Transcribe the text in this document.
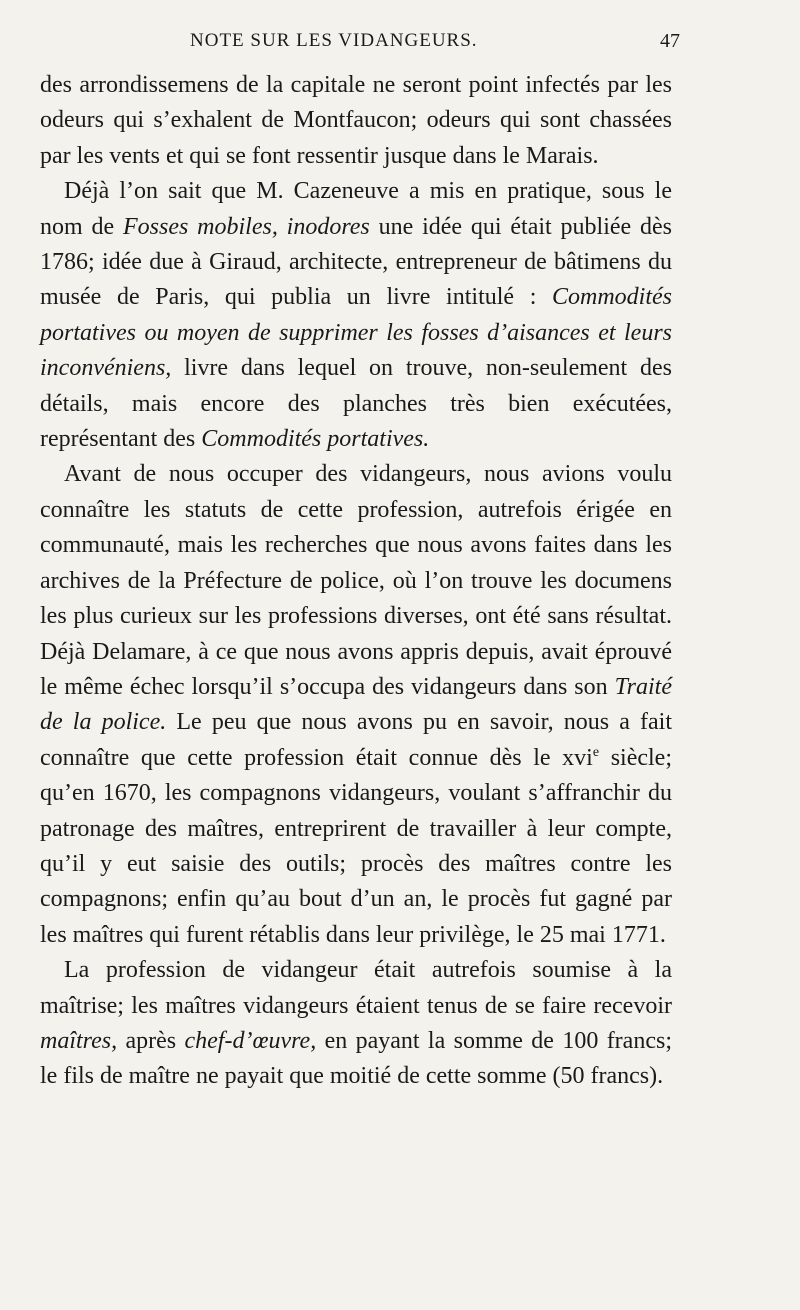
NOTE SUR LES VIDANGEURS.	47

des arrondissemens de la capitale ne seront point infectés par les odeurs qui s’exhalent de Montfaucon; odeurs qui sont chassées par les vents et qui se font ressentir jusque dans le Marais.

Déjà l’on sait que M. Cazeneuve a mis en pratique, sous le nom de Fosses mobiles, inodores une idée qui était publiée dès 1786; idée due à Giraud, architecte, entrepreneur de bâtimens du musée de Paris, qui publia un livre intitulé : Commodités portatives ou moyen de supprimer les fosses d’aisances et leurs inconvéniens, livre dans lequel on trouve, non-seulement des détails, mais encore des planches très bien exécutées, représentant des Commodités portatives.

Avant de nous occuper des vidangeurs, nous avions voulu connaître les statuts de cette profession, autrefois érigée en communauté, mais les recherches que nous avons faites dans les archives de la Préfecture de police, où l’on trouve les documens les plus curieux sur les professions diverses, ont été sans résultat. Déjà Delamare, à ce que nous avons appris depuis, avait éprouvé le même échec lorsqu’il s’occupa des vidangeurs dans son Traité de la police. Le peu que nous avons pu en savoir, nous a fait connaître que cette profession était connue dès le xvi$^e$ siècle; qu’en 1670, les compagnons vidangeurs, voulant s’affranchir du patronage des maîtres, entreprirent de travailler à leur compte, qu’il y eut saisie des outils; procès des maîtres contre les compagnons; enfin qu’au bout d’un an, le procès fut gagné par les maîtres qui furent rétablis dans leur privilège, le 25 mai 1771.

La profession de vidangeur était autrefois soumise à la maîtrise; les maîtres vidangeurs étaient tenus de se faire recevoir maîtres, après chef-d’œuvre, en payant la somme de 100 francs; le fils de maître ne payait que moitié de cette somme (50 francs).
